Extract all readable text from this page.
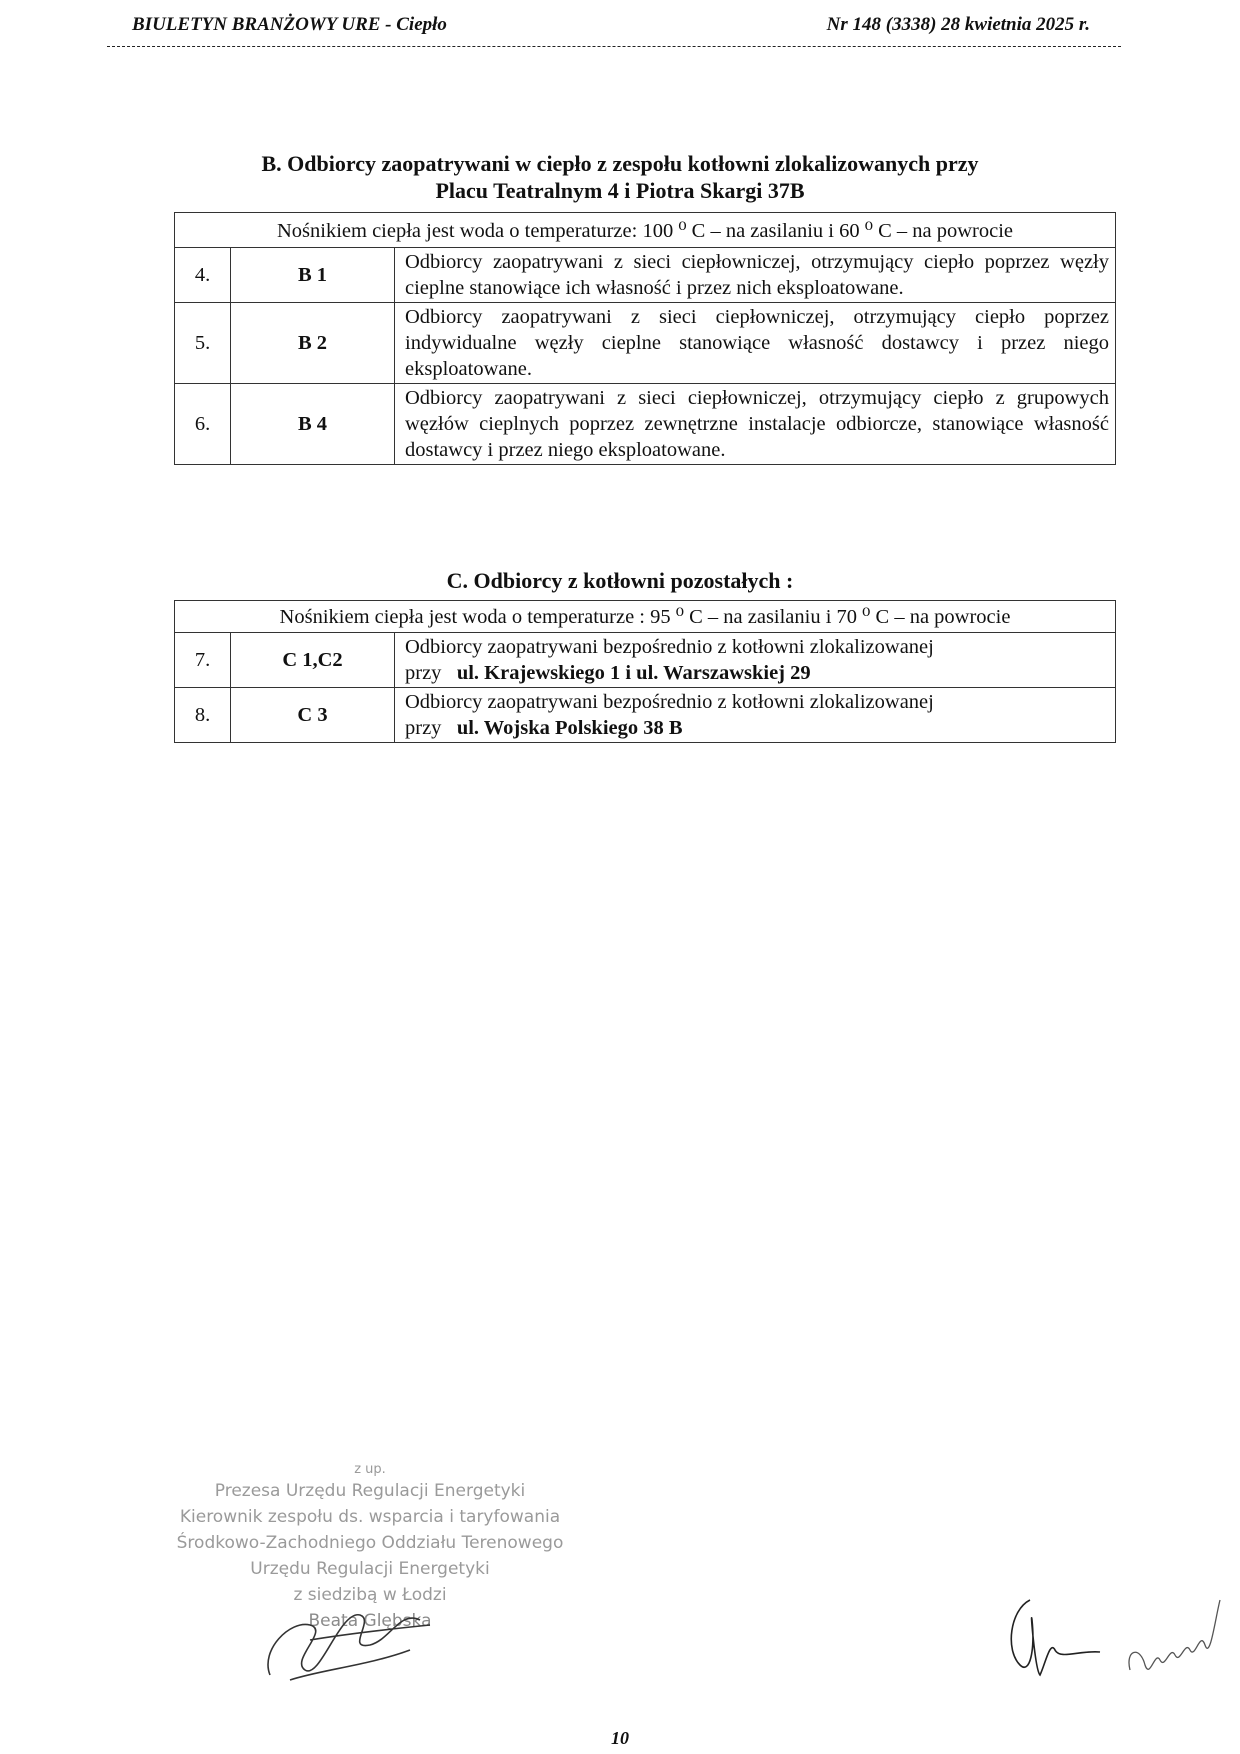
BIULETYN BRANŻOWY URE - Ciepło	Nr 148 (3338) 28 kwietnia 2025 r.
B. Odbiorcy zaopatrywani w ciepło z zespołu kotłowni zlokalizowanych przy
Placu Teatralnym 4 i Piotra Skargi 37B
Nośnikiem ciepła jest woda o temperaturze: 100 ⁰ C – na zasilaniu i 60 ⁰ C – na powrocie		
4.	B 1	Odbiorcy zaopatrywani z sieci ciepłowniczej, otrzymujący ciepło poprzez węzły cieplne stanowiące ich własność i przez nich eksploatowane.
5.	B 2	Odbiorcy zaopatrywani z sieci ciepłowniczej, otrzymujący ciepło poprzez indywidualne węzły cieplne stanowiące własność dostawcy i przez niego eksploatowane.
6.	B 4	Odbiorcy zaopatrywani z sieci ciepłowniczej, otrzymujący ciepło z grupowych węzłów cieplnych poprzez zewnętrzne instalacje odbiorcze, stanowiące własność dostawcy i przez niego eksploatowane.
C. Odbiorcy z kotłowni pozostałych :
Nośnikiem ciepła jest woda o temperaturze : 95 ⁰ C – na zasilaniu i 70 ⁰ C – na powrocie		
7.	C 1,C2	Odbiorcy zaopatrywani bezpośrednio z kotłowni zlokalizowanej
przy ul. Krajewskiego 1 i ul. Warszawskiej 29

8.	C 3	Odbiorcy zaopatrywani bezpośrednio z kotłowni zlokalizowanej
przy ul. Wojska Polskiego 38 B
z up.
Prezesa Urzędu Regulacji Energetyki
Kierownik zespołu ds. wsparcia i taryfowania
Środkowo-Zachodniego Oddziału Terenowego
Urzędu Regulacji Energetyki
z siedzibą w Łodzi
Beata Glębska
10
